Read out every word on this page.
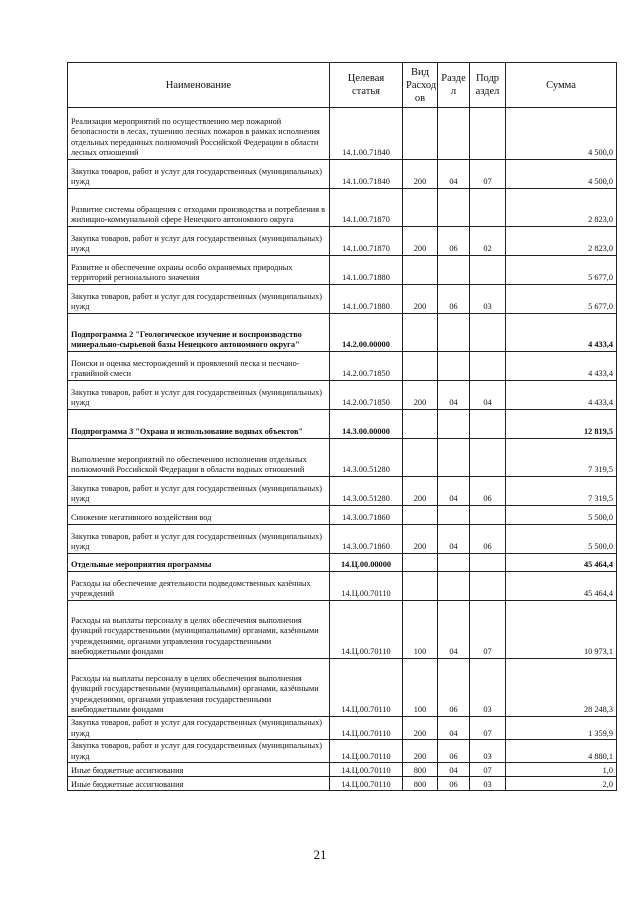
Наименование	Целевая статья	Вид Расход ов	Разде л	Подр аздел	Сумма
Реализация мероприятий по осуществлению мер пожарной безопасности в лесах, тушению лесных пожаров в рамках исполнения отдельных переданных полномочий Российской Федерации в области лесных отношений	14.1.00.71840				4 500,0
Закупка товаров, работ и услуг для государственных (муниципальных) нужд	14.1.00.71840	200	04	07	4 500,0
Развитие системы обращения с отходами производства и потребления в жилищно-коммунальной сфере Ненецкого автономного округа	14.1.00.71870				2 823,0
Закупка товаров, работ и услуг для государственных (муниципальных) нужд	14.1.00.71870	200	06	02	2 823,0
Развитие и обеспечение охраны особо охраняемых природных территорий регионального значения	14.1.00.71880				5 677,0
Закупка товаров, работ и услуг для государственных (муниципальных) нужд	14.1.00.71880	200	06	03	5 677,0
Подпрограмма 2 "Геологическое изучение и воспроизводство минерально-сырьевой базы Ненецкого автономного округа"	14.2.00.00000				4 433,4
Поиски и оценка месторождений и проявлений песка и песчано-гравийной смеси	14.2.00.71850				4 433,4
Закупка товаров, работ и услуг для государственных (муниципальных) нужд	14.2.00.71850	200	04	04	4 433,4
Подпрограмма 3 "Охрана и использование водных объектов"	14.3.00.00000				12 819,5
Выполнение мероприятий по обеспечению исполнения отдельных полномочий Российской Федерации в области водных отношений	14.3.00.51280				7 319,5
Закупка товаров, работ и услуг для государственных (муниципальных) нужд	14.3.00.51280	200	04	06	7 319,5
Снижение негативного воздействия вод	14.3.00.71860				5 500,0
Закупка товаров, работ и услуг для государственных (муниципальных) нужд	14.3.00.71860	200	04	06	5 500,0
Отдельные мероприятия программы	14.Ц.00.00000				45 464,4
Расходы на обеспечение деятельности подведомственных казённых учреждений	14.Ц.00.70110				45 464,4
Расходы на выплаты персоналу в целях обеспечения выполнения функций государственными (муниципальными) органами, казёнными учреждениями, органами управления государственными внебюджетными фондами	14.Ц.00.70110	100	04	07	10 973,1
Расходы на выплаты персоналу в целях обеспечения выполнения функций государственными (муниципальными) органами, казёнными учреждениями, органами управления государственными внебюджетными фондами	14.Ц.00.70110	100	06	03	28 248,3
Закупка товаров, работ и услуг для государственных (муниципальных) нужд	14.Ц.00.70110	200	04	07	1 359,9
Закупка товаров, работ и услуг для государственных (муниципальных) нужд	14.Ц.00.70110	200	06	03	4 880,1
Иные бюджетные ассигнования	14.Ц.00.70110	800	04	07	1,0
Иные бюджетные ассигнования	14.Ц.00.70110	800	06	03	2,0
21
